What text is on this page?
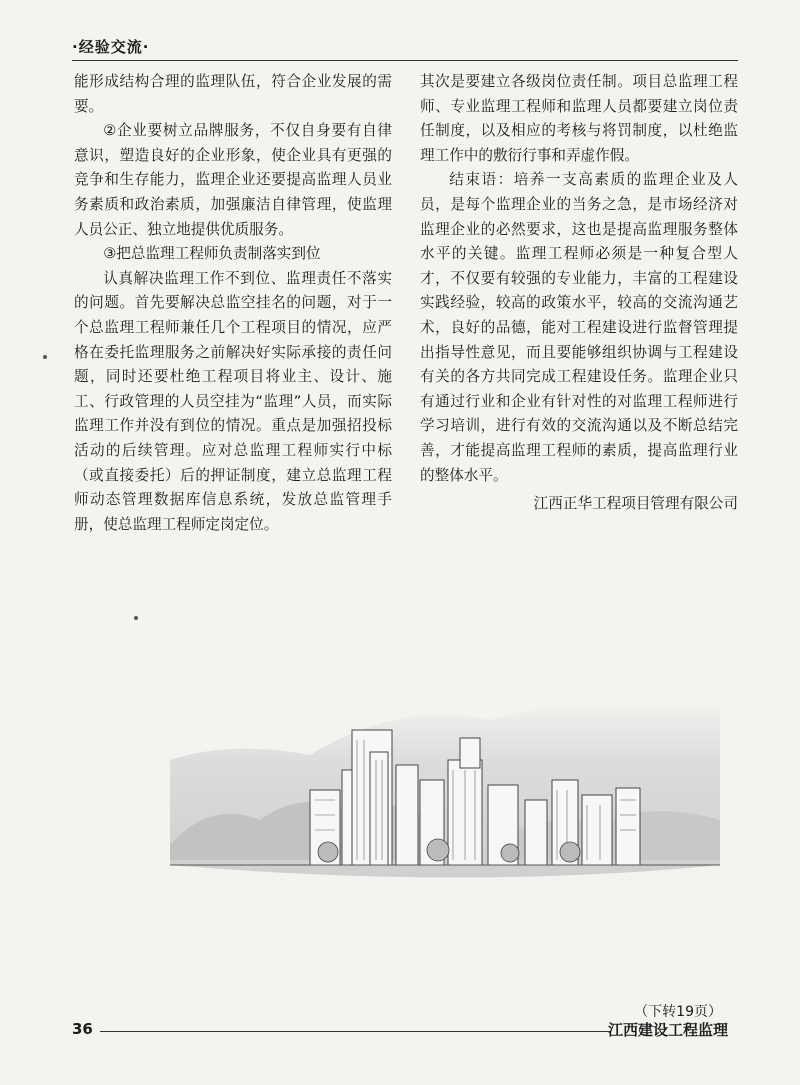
·经验交流·

能形成结构合理的监理队伍，符合企业发展的需要。

②企业要树立品牌服务，不仅自身要有自律意识，塑造良好的企业形象，使企业具有更强的竞争和生存能力，监理企业还要提高监理人员业务素质和政治素质，加强廉洁自律管理，使监理人员公正、独立地提供优质服务。

③把总监理工程师负责制落实到位

认真解决监理工作不到位、监理责任不落实的问题。首先要解决总监空挂名的问题，对于一个总监理工程师兼任几个工程项目的情况，应严格在委托监理服务之前解决好实际承接的责任问题，同时还要杜绝工程项目将业主、设计、施工、行政管理的人员空挂为“监理”人员，而实际监理工作并没有到位的情况。重点是加强招投标活动的后续管理。应对总监理工程师实行中标（或直接委托）后的押证制度，建立总监理工程师动态管理数据库信息系统，发放总监管理手册，使总监理工程师定岗定位。

其次是要建立各级岗位责任制。项目总监理工程师、专业监理工程师和监理人员都要建立岗位责任制度，以及相应的考核与将罚制度，以杜绝监理工作中的敷衍行事和弄虚作假。

结束语：培养一支高素质的监理企业及人员，是每个监理企业的当务之急，是市场经济对监理企业的必然要求，这也是提高监理服务整体水平的关键。监理工程师必须是一种复合型人才，不仅要有较强的专业能力，丰富的工程建设实践经验，较高的政策水平，较高的交流沟通艺术，良好的品德，能对工程建设进行监督管理提出指导性意见，而且要能够组织协调与工程建设有关的各方共同完成工程建设任务。监理企业只有通过行业和企业有针对性的对监理工程师进行学习培训，进行有效的交流沟通以及不断总结完善，才能提高监理工程师的素质，提高监理行业的整体水平。

江西正华工程项目管理有限公司

（下转19页）
36	江西建设工程监理
